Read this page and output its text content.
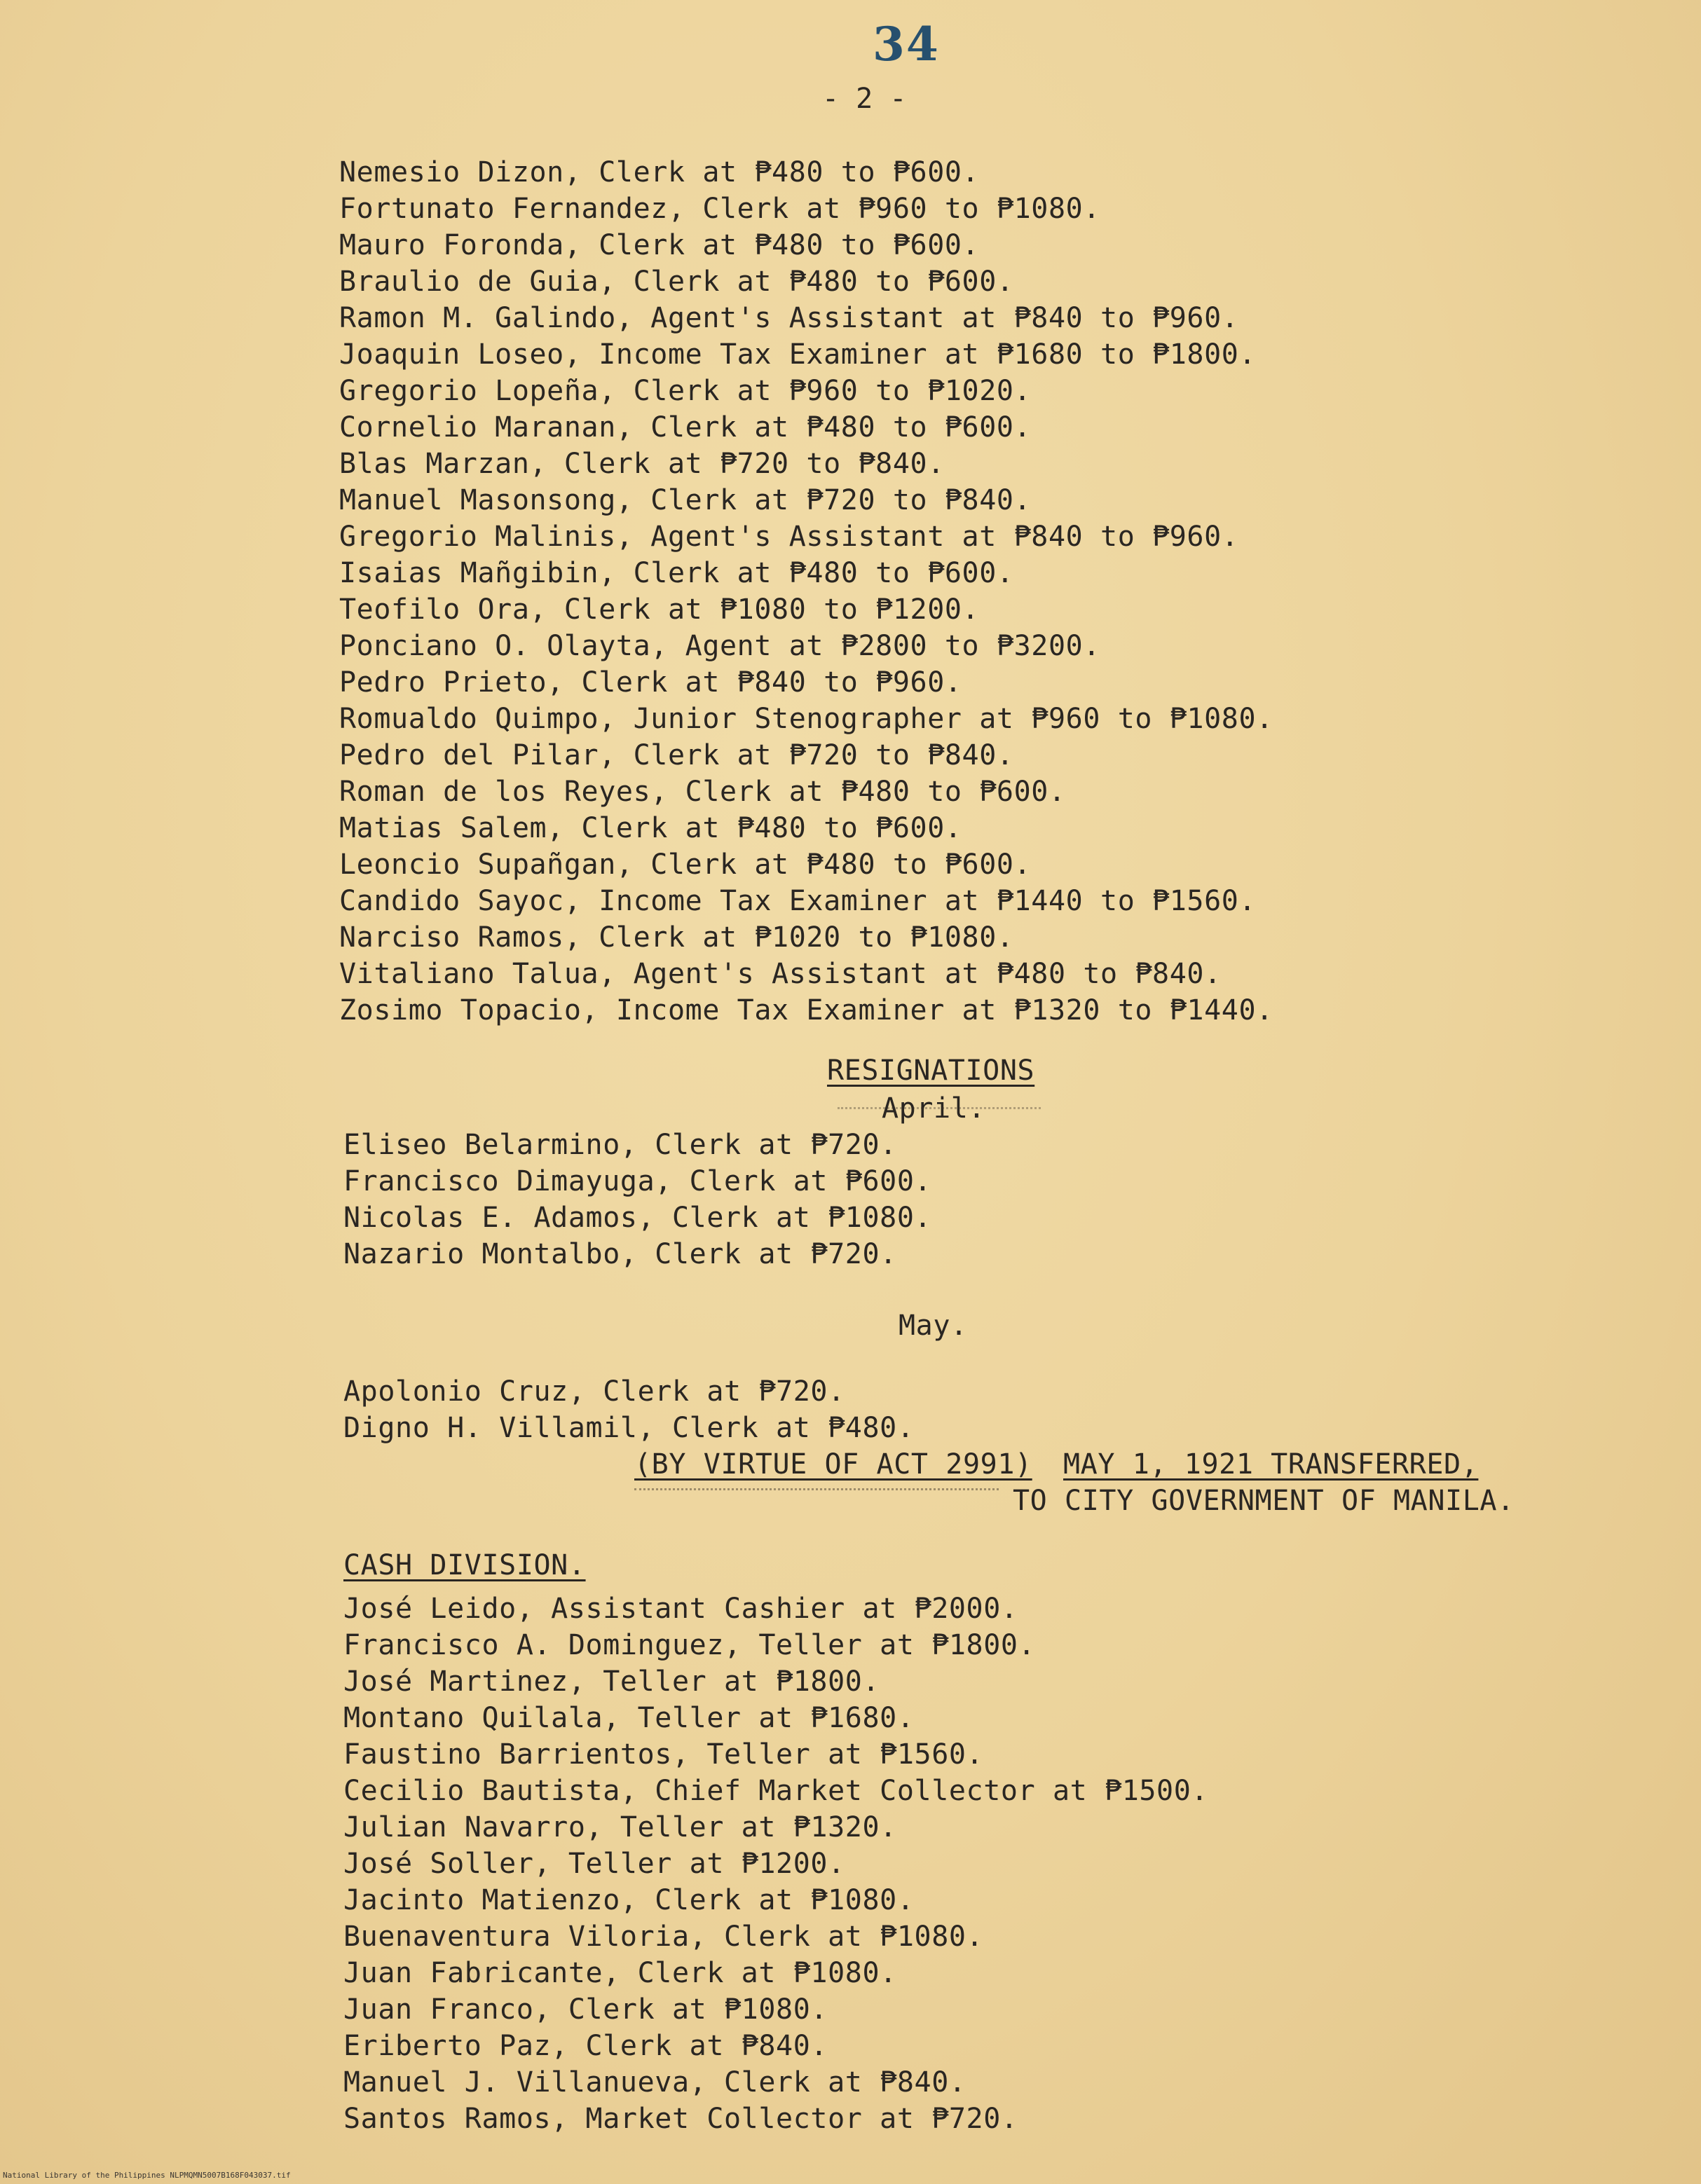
34
- 2 -
Nemesio Dizon, Clerk at ₱480 to ₱600.
Fortunato Fernandez, Clerk at ₱960 to ₱1080.
Mauro Foronda, Clerk at ₱480 to ₱600.
Braulio de Guia, Clerk at ₱480 to ₱600.
Ramon M. Galindo, Agent's Assistant at ₱840 to ₱960.
Joaquin Loseo, Income Tax Examiner at ₱1680 to ₱1800.
Gregorio Lopeña, Clerk at ₱960 to ₱1020.
Cornelio Maranan, Clerk at ₱480 to ₱600.
Blas Marzan, Clerk at ₱720 to ₱840.
Manuel Masonsong, Clerk at ₱720 to ₱840.
Gregorio Malinis, Agent's Assistant at ₱840 to ₱960.
Isaias Mañgibin, Clerk at ₱480 to ₱600.
Teofilo Ora, Clerk at ₱1080 to ₱1200.
Ponciano O. Olayta, Agent at ₱2800 to ₱3200.
Pedro Prieto, Clerk at ₱840 to ₱960.
Romualdo Quimpo, Junior Stenographer at ₱960 to ₱1080.
Pedro del Pilar, Clerk at ₱720 to ₱840.
Roman de los Reyes, Clerk at ₱480 to ₱600.
Matias Salem, Clerk at ₱480 to ₱600.
Leoncio Supañgan, Clerk at ₱480 to ₱600.
Candido Sayoc, Income Tax Examiner at ₱1440 to ₱1560.
Narciso Ramos, Clerk at ₱1020 to ₱1080.
Vitaliano Talua, Agent's Assistant at ₱480 to ₱840.
Zosimo Topacio, Income Tax Examiner at ₱1320 to ₱1440.
RESIGNATIONS
April.
Eliseo Belarmino, Clerk at ₱720.
Francisco Dimayuga, Clerk at ₱600.
Nicolas E. Adamos, Clerk at ₱1080.
Nazario Montalbo, Clerk at ₱720.
May.
Apolonio Cruz, Clerk at ₱720.
Digno H. Villamil, Clerk at ₱480.
(BY VIRTUE OF ACT 2991) MAY 1, 1921 TRANSFERRED,
TO CITY GOVERNMENT OF MANILA.
CASH DIVISION.
José Leido, Assistant Cashier at ₱2000.
Francisco A. Dominguez, Teller at ₱1800.
José Martinez, Teller at ₱1800.
Montano Quilala, Teller at ₱1680.
Faustino Barrientos, Teller at ₱1560.
Cecilio Bautista, Chief Market Collector at ₱1500.
Julian Navarro, Teller at ₱1320.
José Soller, Teller at ₱1200.
Jacinto Matienzo, Clerk at ₱1080.
Buenaventura Viloria, Clerk at ₱1080.
Juan Fabricante, Clerk at ₱1080.
Juan Franco, Clerk at ₱1080.
Eriberto Paz, Clerk at ₱840.
Manuel J. Villanueva, Clerk at ₱840.
Santos Ramos, Market Collector at ₱720.
National Library of the Philippines NLPMQMN5007B168F043037.tif
